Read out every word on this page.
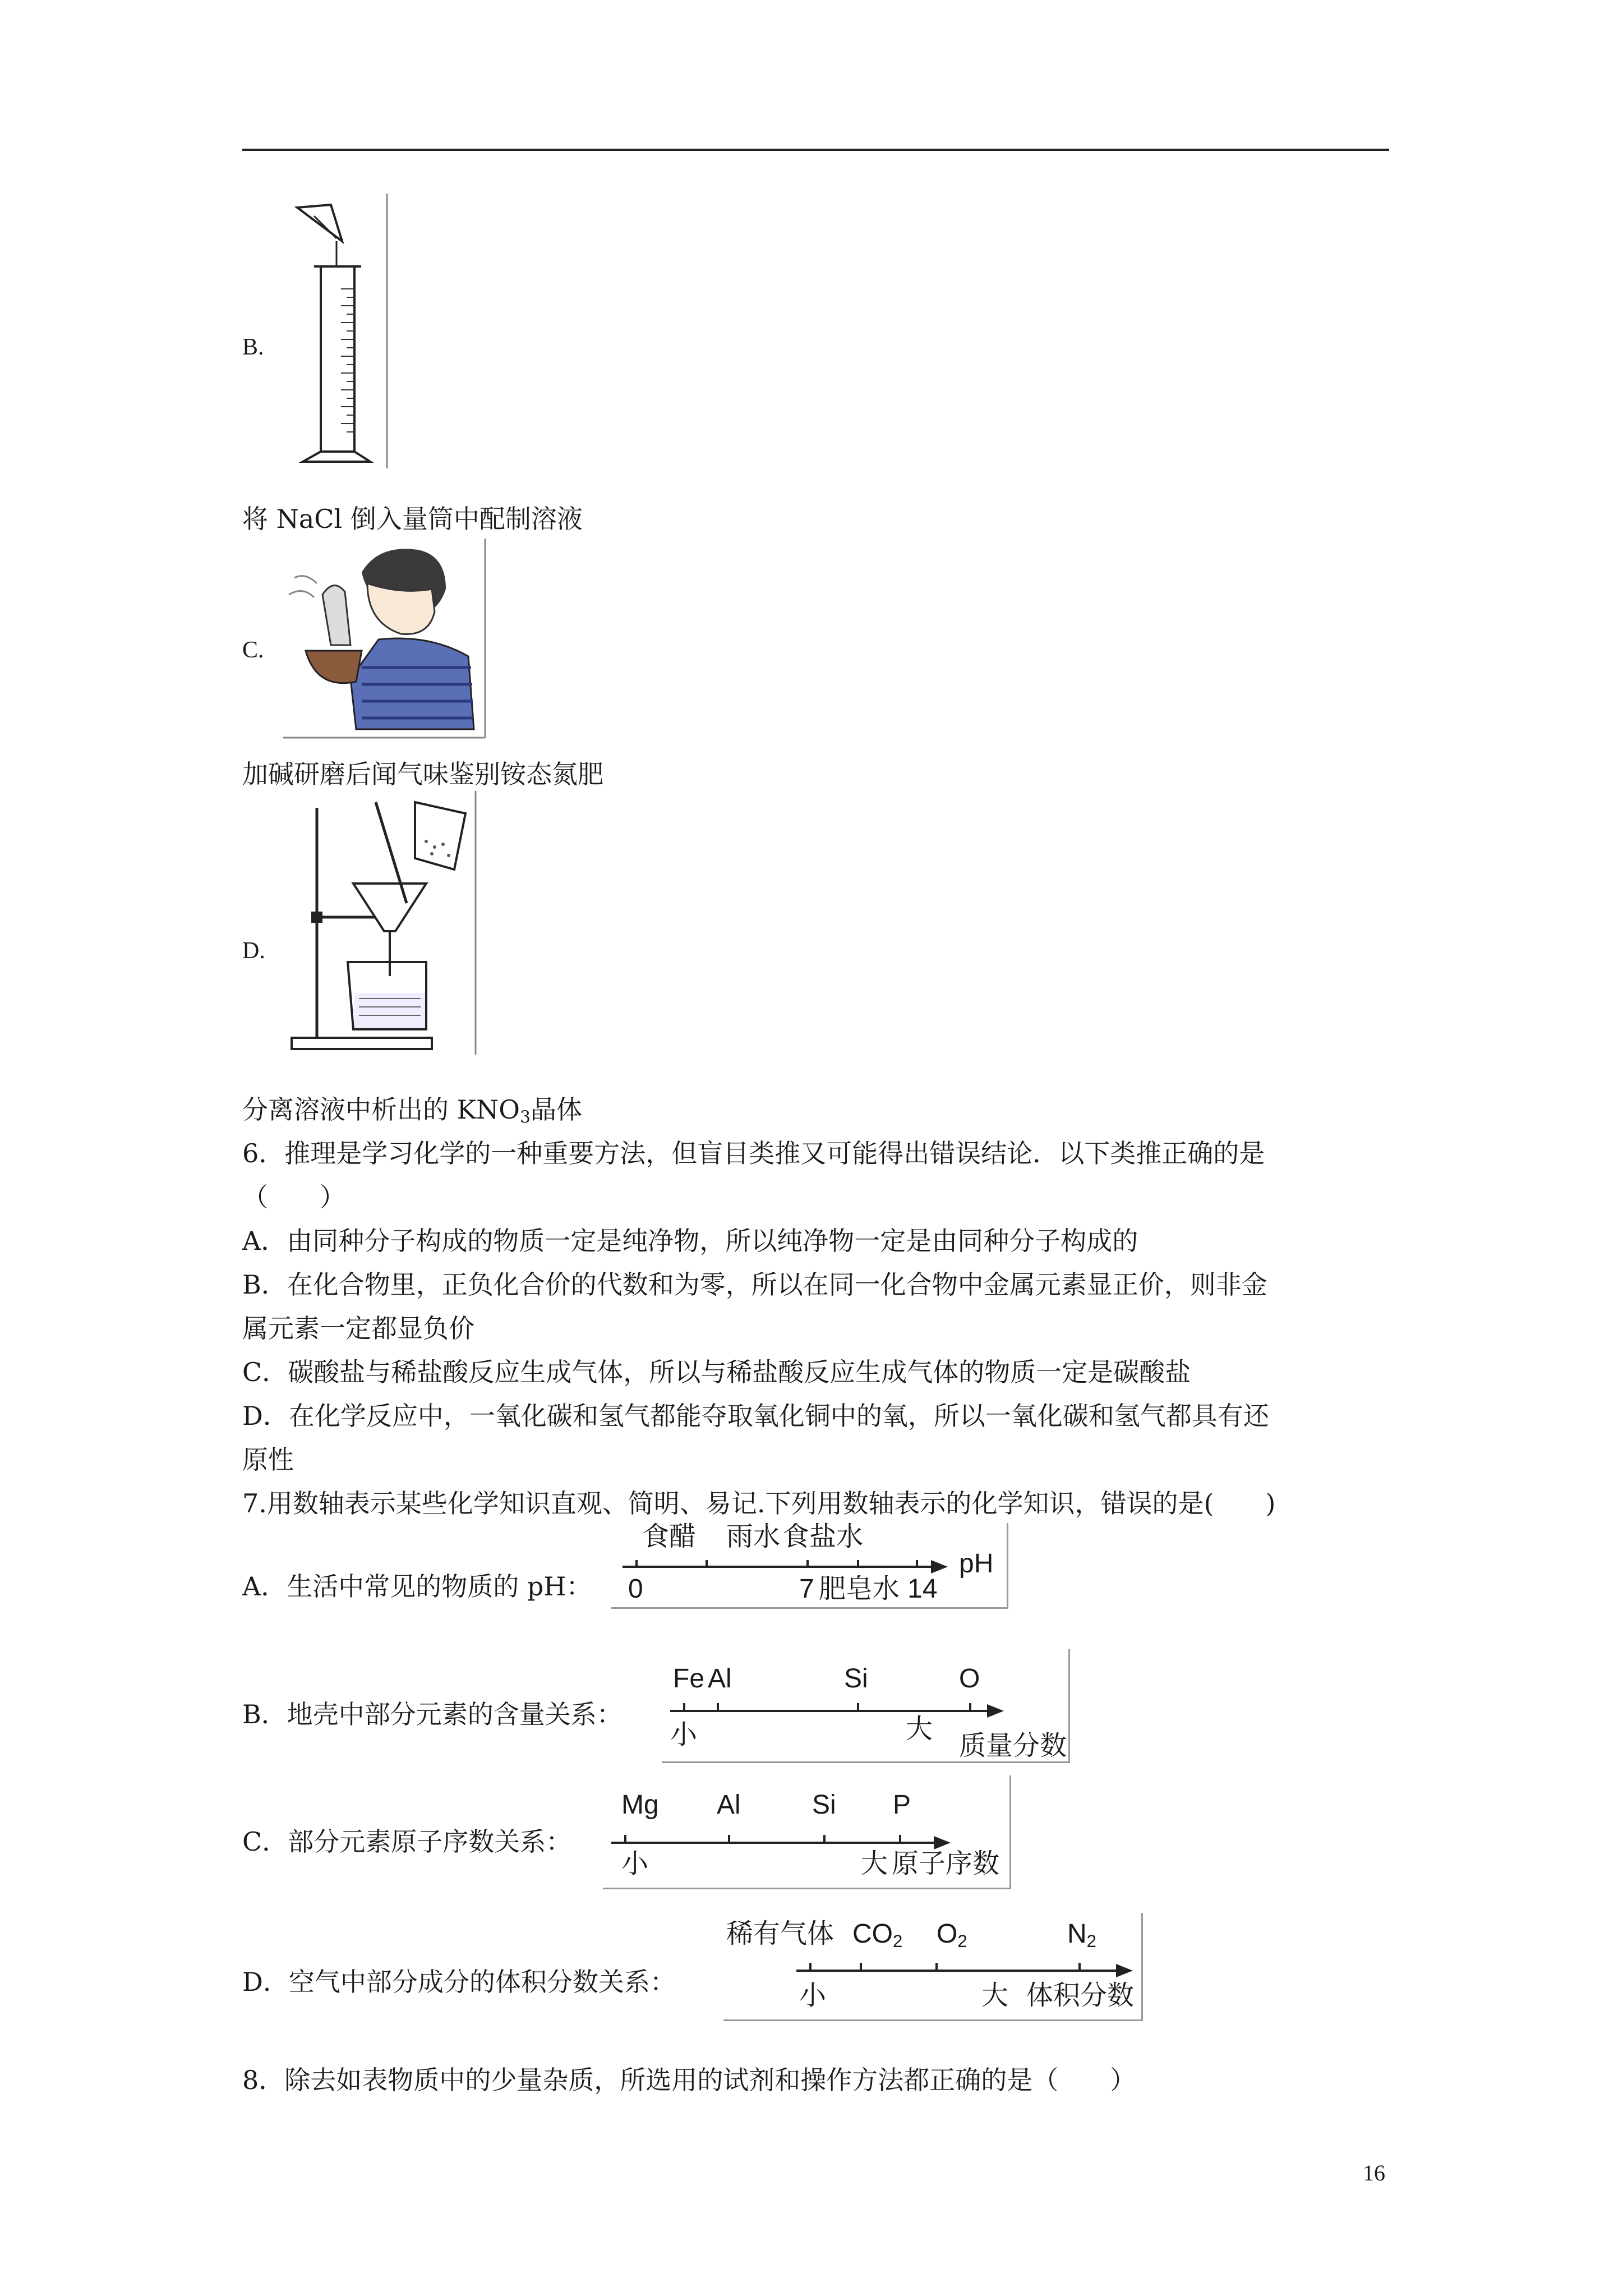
B.
将 NaCl 倒入量筒中配制溶液
C.
加碱研磨后闻气味鉴别铵态氮肥
D.
分离溶液中析出的 $KNO_3$晶体
6．推理是学习化学的一种重要方法，但盲目类推又可能得出错误结论．以下类推正确的是
（　　）
A．由同种分子构成的物质一定是纯净物，所以纯净物一定是由同种分子构成的
B．在化合物里，正负化合价的代数和为零，所以在同一化合物中金属元素显正价，则非金
属元素一定都显负价
C．碳酸盐与稀盐酸反应生成气体，所以与稀盐酸反应生成气体的物质一定是碳酸盐
D．在化学反应中，一氧化碳和氢气都能夺取氧化铜中的氧，所以一氧化碳和氢气都具有还
原性
7.用数轴表示某些化学知识直观、简明、易记.下列用数轴表示的化学知识，错误的是(　　)
A．生活中常见的物质的 pH：
食醋 雨水 食盐水
pH
0	7 肥皂水 14
B．地壳中部分元素的含量关系：
Fe Al	Si	O
小	大
质量分数
C．部分元素原子序数关系：
Mg Al	Si P
小	大 原子序数
D．空气中部分成分的体积分数关系：
稀有气体 $CO_2$ $O_2$	$N_2$
小	大 体积分数
8．除去如表物质中的少量杂质，所选用的试剂和操作方法都正确的是（　　）
16
